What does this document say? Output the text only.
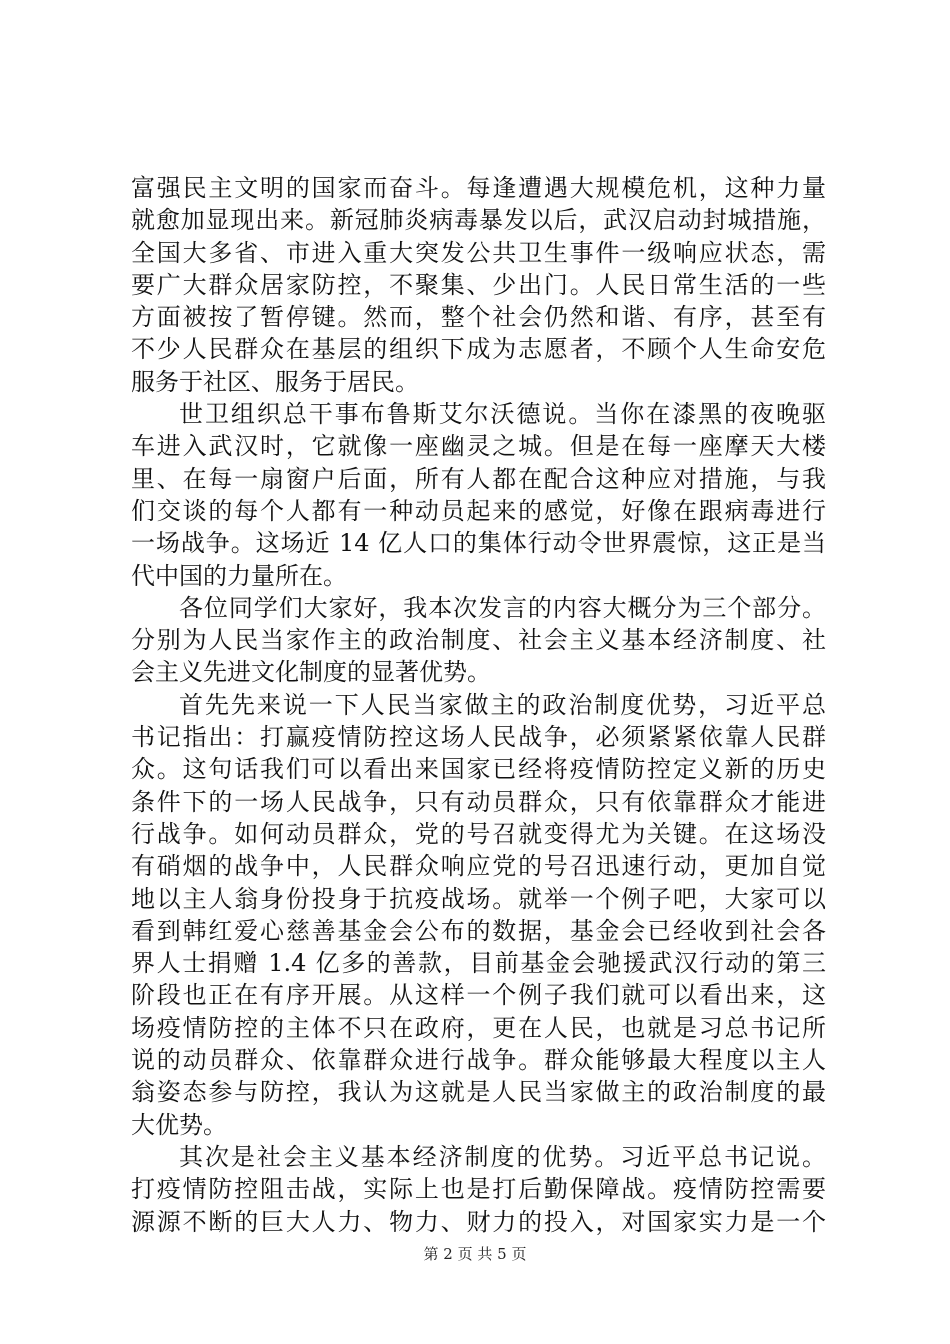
富强民主文明的国家而奋斗。每逢遭遇大规模危机，这种力量
就愈加显现出来。新冠肺炎病毒暴发以后，武汉启动封城措施，
全国大多省、市进入重大突发公共卫生事件一级响应状态，需
要广大群众居家防控，不聚集、少出门。人民日常生活的一些
方面被按了暂停键。然而，整个社会仍然和谐、有序，甚至有
不少人民群众在基层的组织下成为志愿者，不顾个人生命安危
服务于社区、服务于居民。
世卫组织总干事布鲁斯艾尔沃德说。当你在漆黑的夜晚驱
车进入武汉时，它就像一座幽灵之城。但是在每一座摩天大楼
里、在每一扇窗户后面，所有人都在配合这种应对措施，与我
们交谈的每个人都有一种动员起来的感觉，好像在跟病毒进行
一场战争。这场近 14 亿人口的集体行动令世界震惊，这正是当
代中国的力量所在。
各位同学们大家好，我本次发言的内容大概分为三个部分。
分别为人民当家作主的政治制度、社会主义基本经济制度、社
会主义先进文化制度的显著优势。
首先先来说一下人民当家做主的政治制度优势，习近平总
书记指出：打赢疫情防控这场人民战争，必须紧紧依靠人民群
众。这句话我们可以看出来国家已经将疫情防控定义新的历史
条件下的一场人民战争，只有动员群众，只有依靠群众才能进
行战争。如何动员群众，党的号召就变得尤为关键。在这场没
有硝烟的战争中，人民群众响应党的号召迅速行动，更加自觉
地以主人翁身份投身于抗疫战场。就举一个例子吧，大家可以
看到韩红爱心慈善基金会公布的数据，基金会已经收到社会各
界人士捐赠 1.4 亿多的善款，目前基金会驰援武汉行动的第三
阶段也正在有序开展。从这样一个例子我们就可以看出来，这
场疫情防控的主体不只在政府，更在人民，也就是习总书记所
说的动员群众、依靠群众进行战争。群众能够最大程度以主人
翁姿态参与防控，我认为这就是人民当家做主的政治制度的最
大优势。
其次是社会主义基本经济制度的优势。习近平总书记说。
打疫情防控阻击战，实际上也是打后勤保障战。疫情防控需要
源源不断的巨大人力、物力、财力的投入，对国家实力是一个
第 2 页 共 5 页
